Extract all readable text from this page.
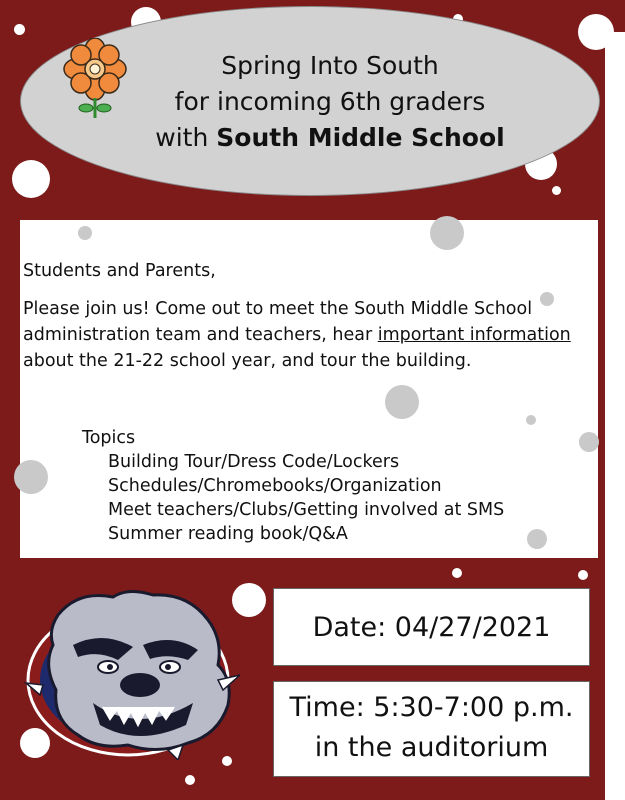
Spring Into South
for incoming 6th graders
with South Middle School

Students and Parents,

Please join us! Come out to meet the South Middle School administration team and teachers, hear important information about the 21-22 school year, and tour the building.

Topics
Building Tour/Dress Code/Lockers
Schedules/Chromebooks/Organization
Meet teachers/Clubs/Getting involved at SMS
Summer reading book/Q&A
Date: 04/27/2021
Time: 5:30-7:00 p.m.
in the auditorium
